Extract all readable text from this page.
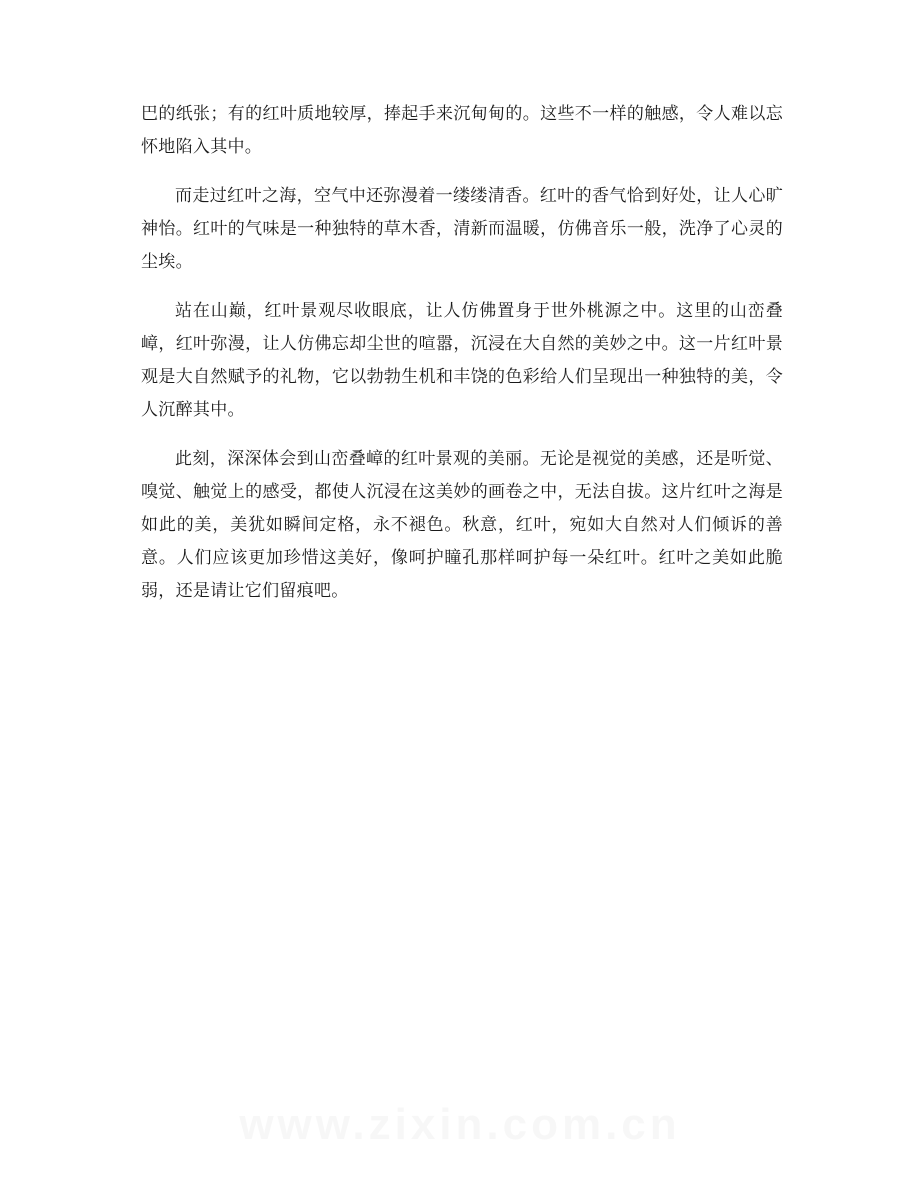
巴的纸张；有的红叶质地较厚，捧起手来沉甸甸的。这些不一样的触感，令人难以忘怀地陷入其中。

而走过红叶之海，空气中还弥漫着一缕缕清香。红叶的香气恰到好处，让人心旷神怡。红叶的气味是一种独特的草木香，清新而温暖，仿佛音乐一般，洗净了心灵的尘埃。

站在山巅，红叶景观尽收眼底，让人仿佛置身于世外桃源之中。这里的山峦叠嶂，红叶弥漫，让人仿佛忘却尘世的喧嚣，沉浸在大自然的美妙之中。这一片红叶景观是大自然赋予的礼物，它以勃勃生机和丰饶的色彩给人们呈现出一种独特的美，令人沉醉其中。

此刻，深深体会到山峦叠嶂的红叶景观的美丽。无论是视觉的美感，还是听觉、嗅觉、触觉上的感受，都使人沉浸在这美妙的画卷之中，无法自拔。这片红叶之海是如此的美，美犹如瞬间定格，永不褪色。秋意，红叶，宛如大自然对人们倾诉的善意。人们应该更加珍惜这美好，像呵护瞳孔那样呵护每一朵红叶。红叶之美如此脆弱，还是请让它们留痕吧。

www.zixin.com.cn
